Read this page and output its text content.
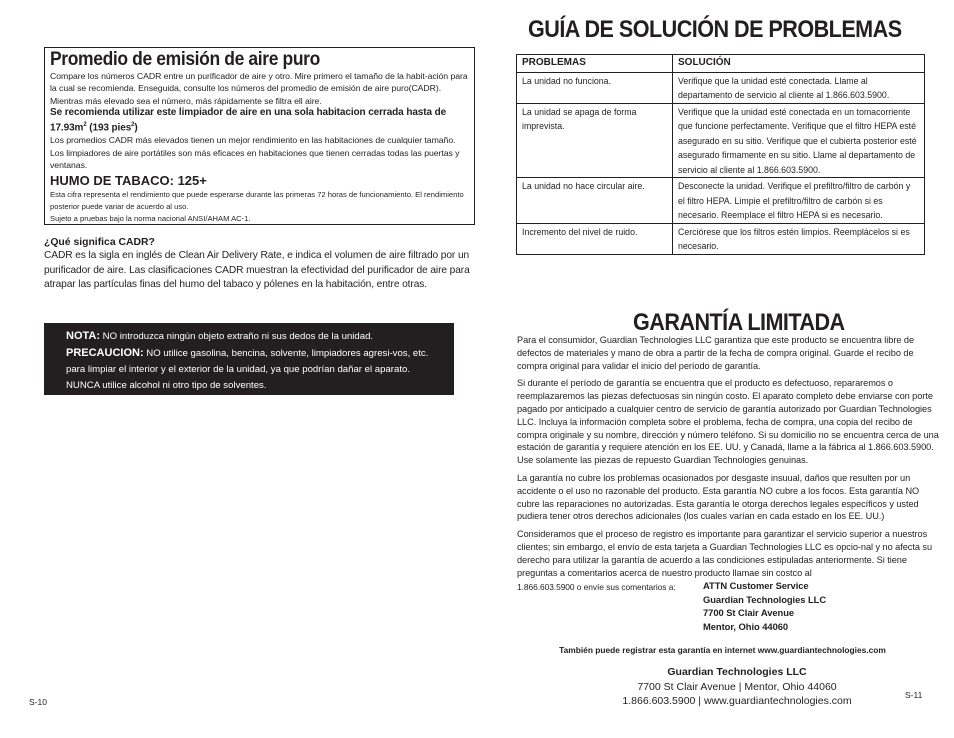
Promedio de emisión de aire puro
Compare los números CADR entre un purificador de aire y otro. Mire primero el tamaño de la habit-ación para la cual se recomienda. Enseguida, consulte los números del promedio de emisión de aire puro(CADR). Mientras más elevado sea el número, más rápidamente se filtra ell aire.
Se recomienda utilizar este limpiador de aire en una sola habitacion cerrada hasta de $17.93m^2$ (193 pies$^2$)
Los promedios CADR más elevados tienen un mejor rendimiento en las habitaciones de cualquier tamaño. Los limpiadores de aire portátiles son más eficaces en habitaciones que tienen cerradas todas las puertas y ventanas.
HUMO DE TABACO: 125+
Esta cifra representa el rendimiento que puede esperarse durante las primeras 72 horas de funcionamiento. El rendimiento posterior puede variar de acuerdo al uso.
Sujeto a pruebas bajo la norma nacional ANSI/AHAM AC-1.
¿Qué significa CADR?
CADR es la sigla en inglés de Clean Air Delivery Rate, e indica el volumen de aire filtrado por un purificador de aire. Las clasificaciones CADR muestran la efectividad del purificador de aire para atrapar las partículas finas del humo del tabaco y pólenes en la habitación, entre otras.
NOTA: NO introduzca ningún objeto extraño ni sus dedos de la unidad.
PRECAUCION: NO utilice gasolina, bencina, solvente, limpiadores agresi-vos, etc. para limpiar el interior y el exterior de la unidad, ya que podrían dañar el aparato. NUNCA utilice alcohol ni otro tipo de solventes.
S-10
GUÍA DE SOLUCIÓN DE PROBLEMAS
PROBLEMAS	SOLUCIÓN
La unidad no funciona.	Verifique que la unidad esté conectada. Llame al departamento de servicio al cliente al 1.866.603.5900.
La unidad se apaga de forma imprevista.	Verifique que la unidad esté conectada en un tomacorriente que funcione perfectamente. Verifique que el filtro HEPA esté asegurado en su sitio. Verifique que el cubierta posterior esté asegurado firmamente en su sitio. Llame al departamento de servicio al cliente al 1.866.603.5900.
La unidad no hace circular aire.	Desconecte la unidad. Verifique el prefiltro/filtro de carbón y el filtro HEPA. Limpie el prefiltro/filtro de carbón si es necesario. Reemplace el filtro HEPA si es necesario.
Incremento del nivel de ruido.	Cerciórese que los filtros estén limpios. Reemplácelos si es necesario.
GARANTÍA LIMITADA

Para el consumidor, Guardian Technologies LLC garantiza que este producto se encuentra libre de defectos de materiales y mano de obra a partir de la fecha de compra original. Guarde el recibo de compra original para validar el inicio del período de garantía.

Si durante el período de garantía se encuentra que el producto es defectuoso, repararemos o reemplazaremos las piezas defectuosas sin ningún costo. El aparato completo debe enviarse con porte pagado por anticipado a cualquier centro de servicio de garantía autorizado por Guardian Technologies LLC. Incluya la información completa sobre el problema, fecha de compra, una copia del recibo de compra originale y su nombre, dirección y número teléfono. Si su domicilio no se encuentra cerca de una estación de garantía y requiere atención en los EE. UU. y Canadá, llame a la fábrica al 1.866.603.5900. Use solamente las piezas de repuesto Guardian Technologies genuinas.

La garantía no cubre los problemas ocasionados por desgaste insuual, daños que resulten por un accidente o el uso no razonable del producto. Esta garantía NO cubre a los focos. Esta garantía NO cubre las reparaciones no autorizadas. Esta garantía le otorga derechos legales específicos y usted pudiera tener otros derechos adicionales (los cuales varían en cada estado en los EE. UU.)

Consideramos que el proceso de registro es importante para garantizar el servicio superior a nuestros clientes; sin embargo, el envío de esta tarjeta a Guardian Technologies LLC es opcio-nal y no afecta su derecho para utilizar la garantía de acuerdo a las condiciones estipuladas anteriormente. Si tiene preguntas a comentarios acerca de nuestro producto llamae sin costco al

1.866.603.5900 o envíe sus comentarios a:	ATTN Customer Service
Guardian Technologies LLC
7700 St Clair Avenue
Mentor, Ohio 44060
También puede registrar esta garantía en internet www.guardiantechnologies.com
Guardian Technologies LLC
7700 St Clair Avenue | Mentor, Ohio 44060
1.866.603.5900 | www.guardiantechnologies.com
S-11
